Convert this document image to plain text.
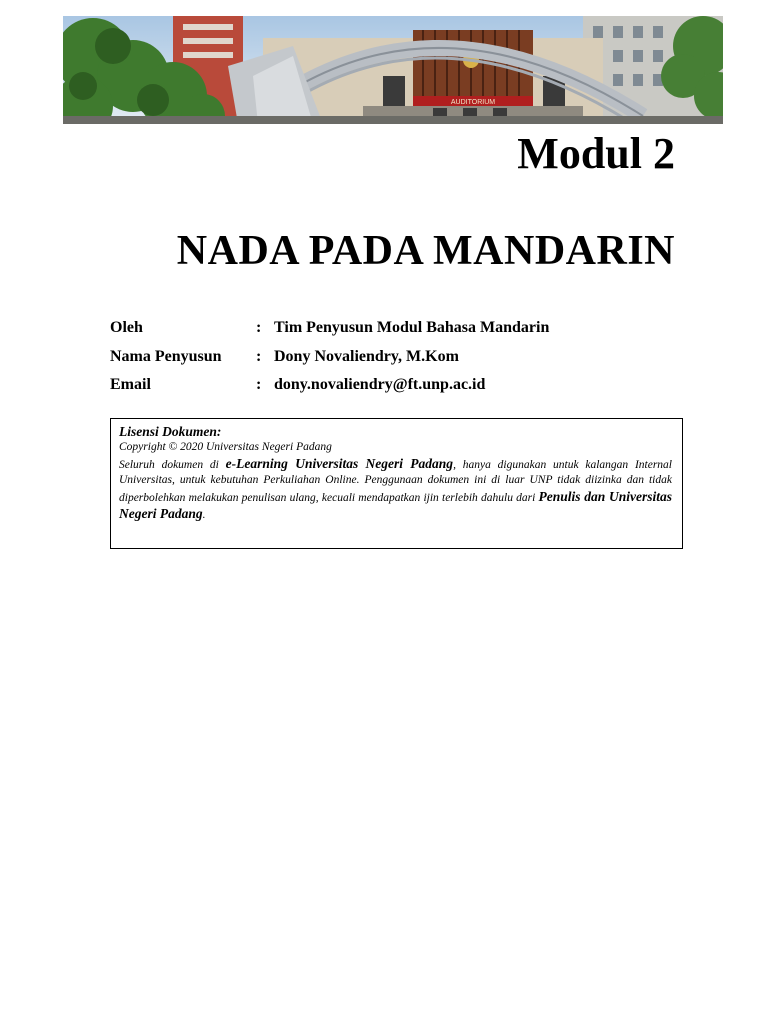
AUDITORIUM
Modul 2
NADA PADA MANDARIN
Oleh	: Tim Penyusun Modul Bahasa Mandarin
Nama Penyusun	: Dony Novaliendry, M.Kom
Email	: dony.novaliendry@ft.unp.ac.id
Lisensi Dokumen:
Copyright © 2020 Universitas Negeri Padang
Seluruh dokumen di e-Learning Universitas Negeri Padang, hanya digunakan untuk kalangan Internal Universitas, untuk kebutuhan Perkuliahan Online. Penggunaan dokumen ini di luar UNP tidak diizinka dan tidak diperbolehkan melakukan penulisan ulang, kecuali mendapatkan ijin terlebih dahulu dari Penulis dan Universitas Negeri Padang.
